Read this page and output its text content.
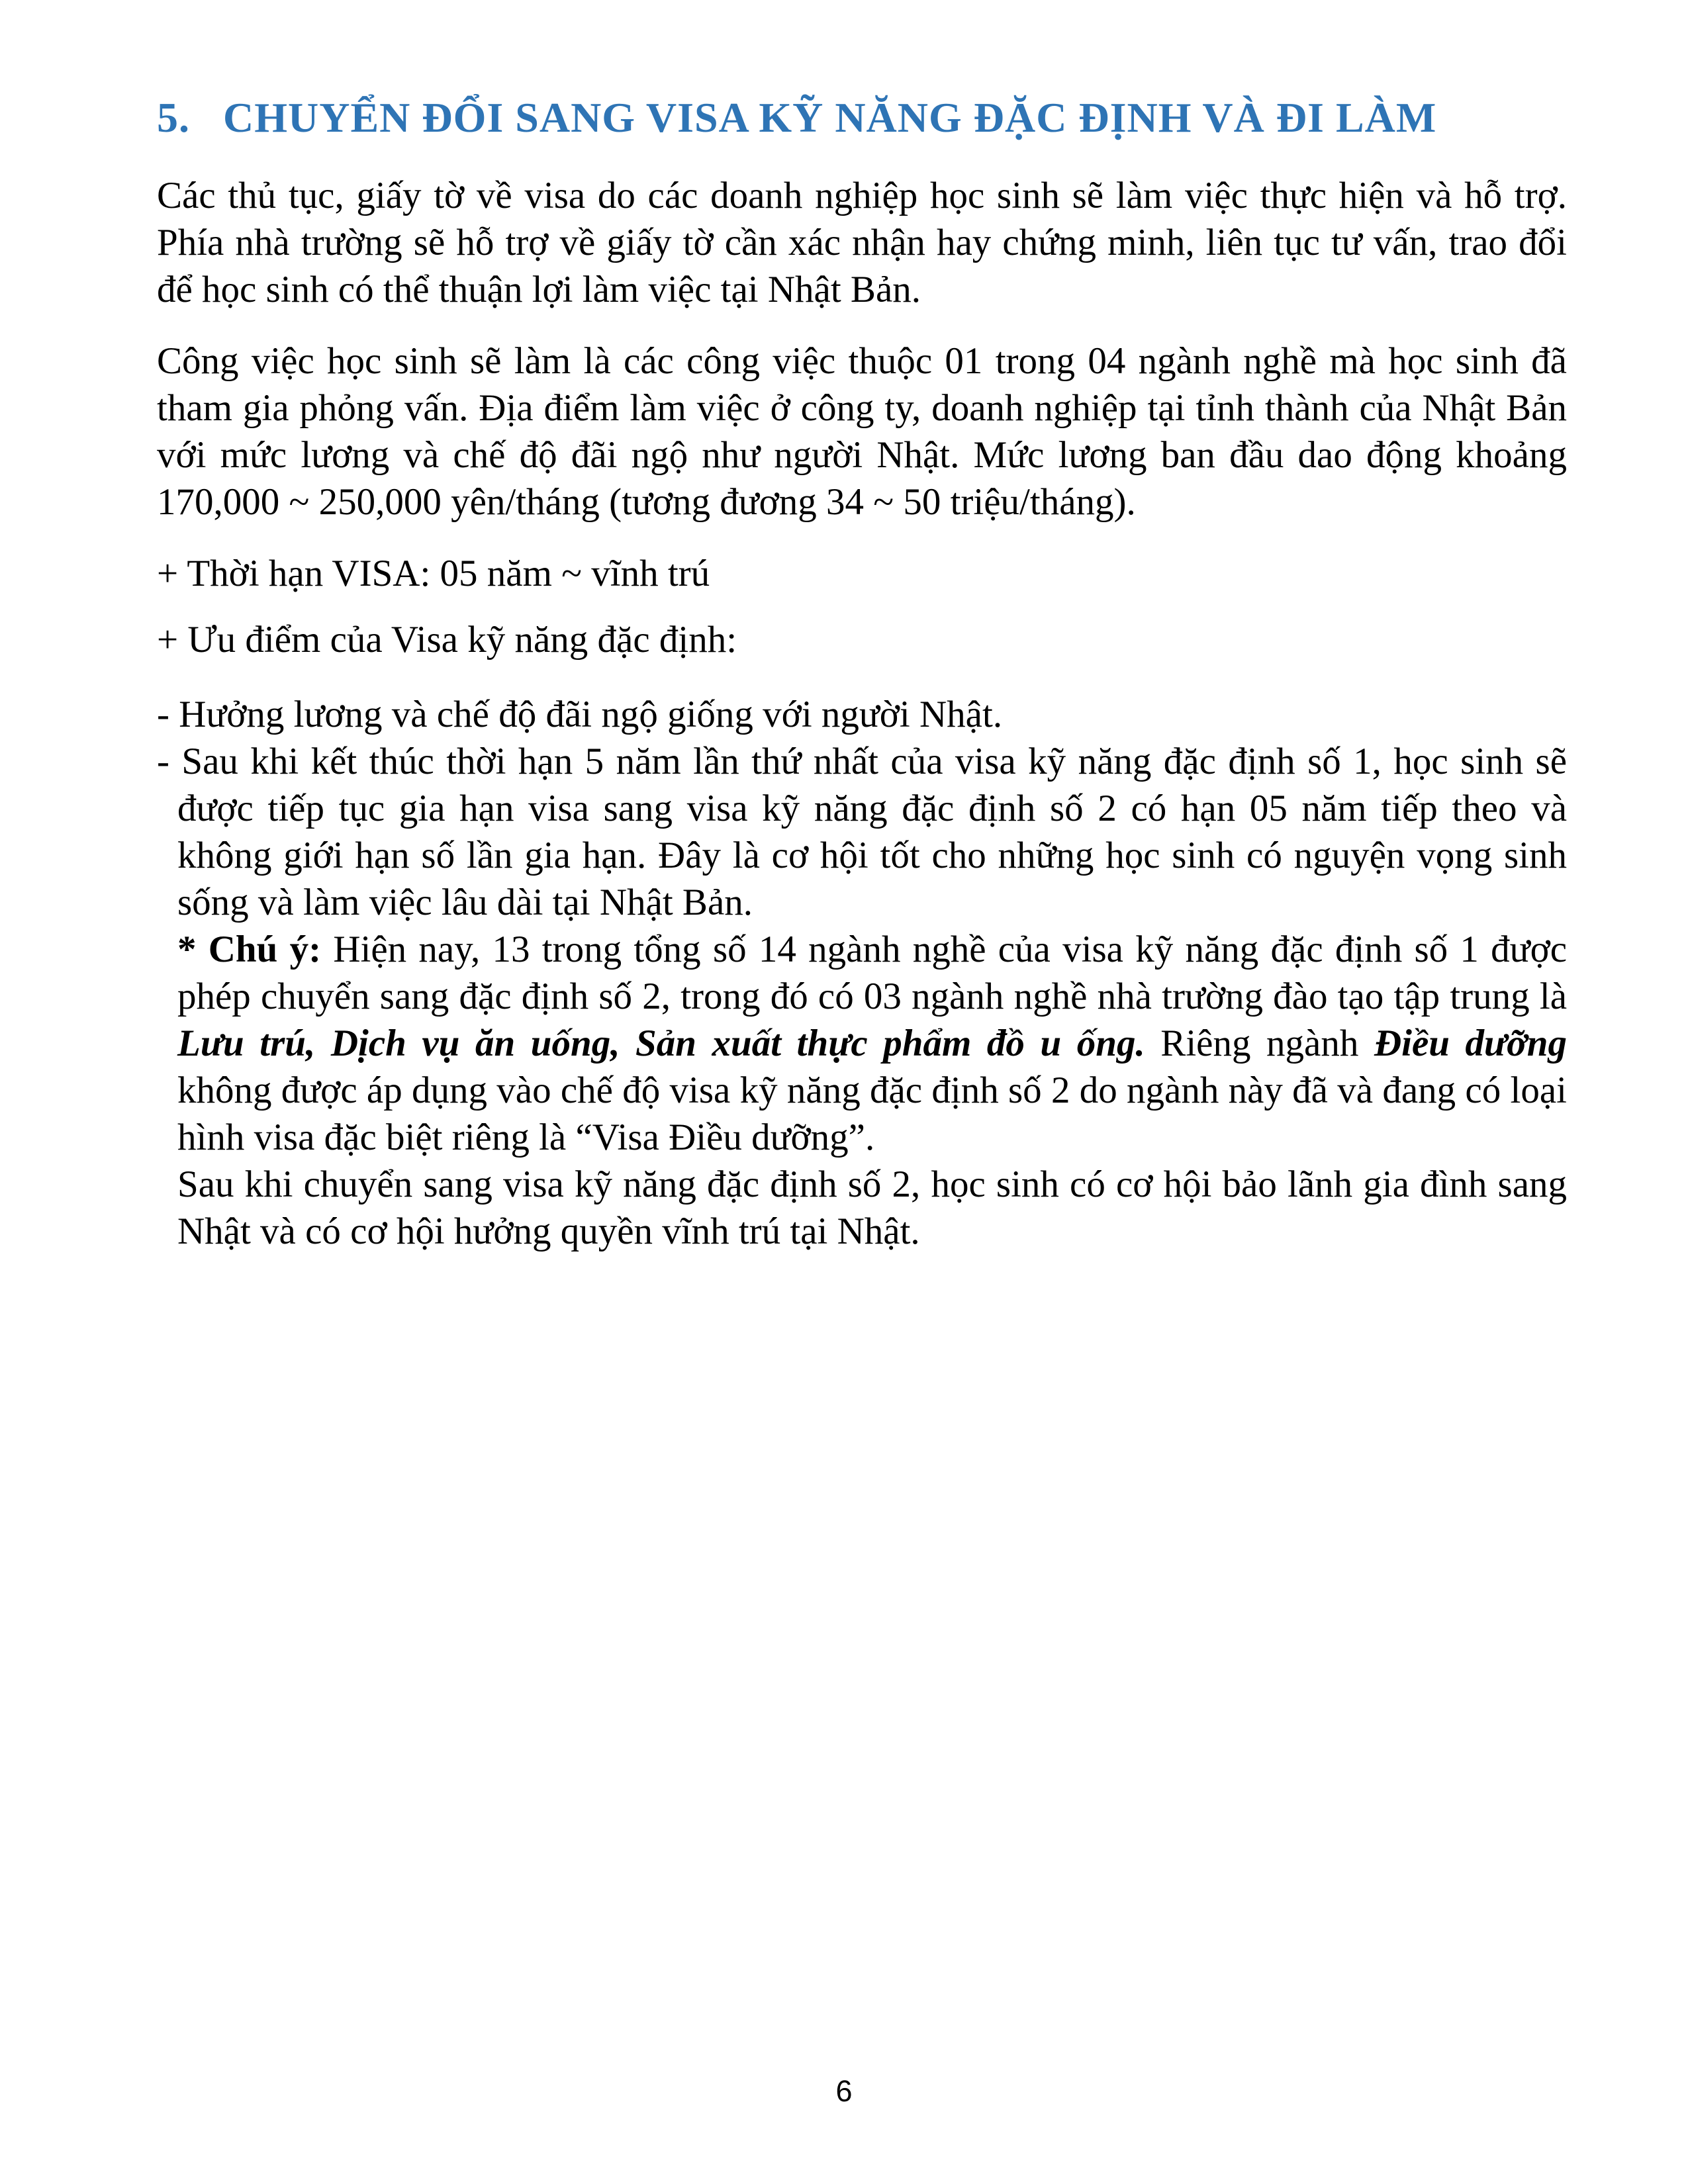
5. CHUYỂN ĐỔI SANG VISA KỸ NĂNG ĐẶC ĐỊNH VÀ ĐI LÀM

Các thủ tục, giấy tờ về visa do các doanh nghiệp học sinh sẽ làm việc thực hiện và hỗ trợ. Phía nhà trường sẽ hỗ trợ về giấy tờ cần xác nhận hay chứng minh, liên tục tư vấn, trao đổi để học sinh có thể thuận lợi làm việc tại Nhật Bản.

Công việc học sinh sẽ làm là các công việc thuộc 01 trong 04 ngành nghề mà học sinh đã tham gia phỏng vấn. Địa điểm làm việc ở công ty, doanh nghiệp tại tỉnh thành của Nhật Bản với mức lương và chế độ đãi ngộ như người Nhật. Mức lương ban đầu dao động khoảng 170,000 ~ 250,000 yên/tháng (tương đương 34 ~ 50 triệu/tháng).

+ Thời hạn VISA: 05 năm ~ vĩnh trú

+ Ưu điểm của Visa kỹ năng đặc định:

- Hưởng lương và chế độ đãi ngộ giống với người Nhật.

- Sau khi kết thúc thời hạn 5 năm lần thứ nhất của visa kỹ năng đặc định số 1, học sinh sẽ được tiếp tục gia hạn visa sang visa kỹ năng đặc định số 2 có hạn 05 năm tiếp theo và không giới hạn số lần gia hạn. Đây là cơ hội tốt cho những học sinh có nguyện vọng sinh sống và làm việc lâu dài tại Nhật Bản.

* Chú ý: Hiện nay, 13 trong tổng số 14 ngành nghề của visa kỹ năng đặc định số 1 được phép chuyển sang đặc định số 2, trong đó có 03 ngành nghề nhà trường đào tạo tập trung là Lưu trú, Dịch vụ ăn uống, Sản xuất thực phẩm đồ u ống. Riêng ngành Điều dưỡng không được áp dụng vào chế độ visa kỹ năng đặc định số 2 do ngành này đã và đang có loại hình visa đặc biệt riêng là “Visa Điều dưỡng”.

Sau khi chuyển sang visa kỹ năng đặc định số 2, học sinh có cơ hội bảo lãnh gia đình sang Nhật và có cơ hội hưởng quyền vĩnh trú tại Nhật.

6
